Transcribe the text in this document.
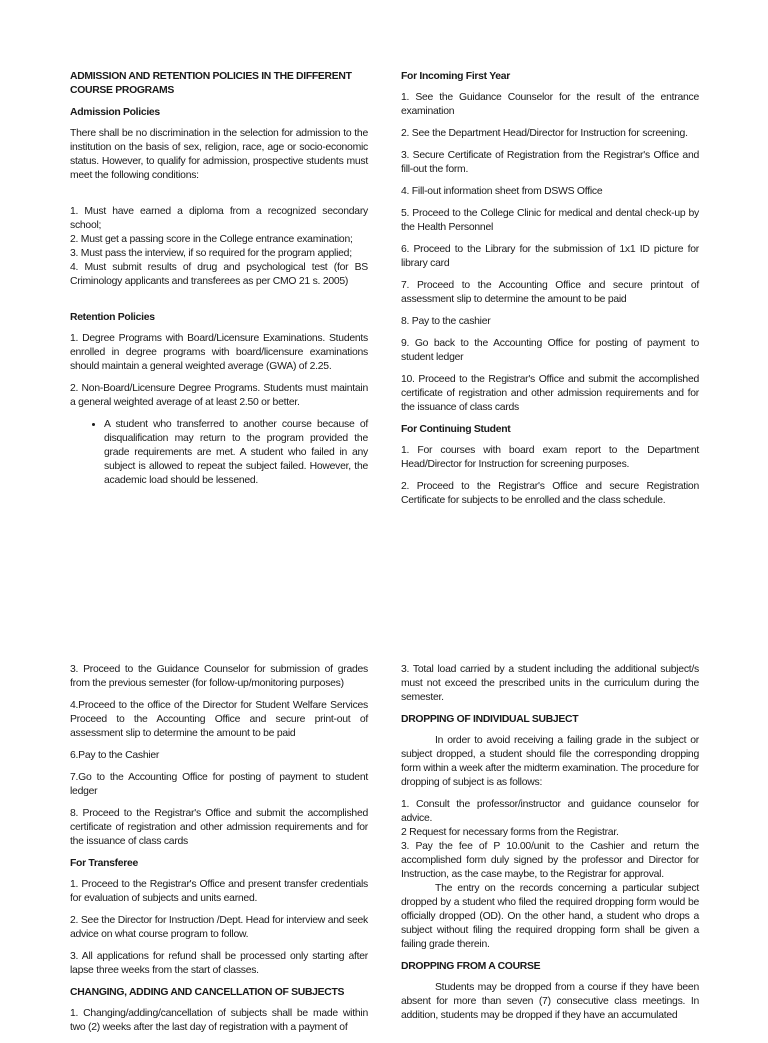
ADMISSION AND RETENTION POLICIES IN THE DIFFERENT COURSE PROGRAMS
Admission Policies

There shall be no discrimination in the selection for admission to the institution on the basis of sex, religion, race, age or socio-economic status. However, to qualify for admission, prospective students must meet the following conditions:

1. Must have earned a diploma from a recognized secondary school;

2. Must get a passing score in the College entrance examination;

3. Must pass the interview, if so required for the program applied;

4. Must submit results of drug and psychological test (for BS Criminology applicants and transferees as per CMO 21 s. 2005)

Retention Policies

1. Degree Programs with Board/Licensure Examinations. Students enrolled in degree programs with board/licensure examinations should maintain a general weighted average (GWA) of 2.25.

2. Non-Board/Licensure Degree Programs. Students must maintain a general weighted average of at least 2.50 or better.

• A student who transferred to another course because of disqualification may return to the program provided the grade requirements are met. A student who failed in any subject is allowed to repeat the subject failed. However, the academic load should be lessened.
For Incoming First Year

1. See the Guidance Counselor for the result of the entrance examination

2. See the Department Head/Director for Instruction for screening.

3. Secure Certificate of Registration from the Registrar's Office and fill-out the form.

4. Fill-out information sheet from DSWS Office

5. Proceed to the College Clinic for medical and dental check-up by the Health Personnel

6. Proceed to the Library for the submission of 1x1 ID picture for library card

7. Proceed to the Accounting Office and secure printout of assessment slip to determine the amount to be paid

8. Pay to the cashier

9. Go back to the Accounting Office for posting of payment to student ledger

10. Proceed to the Registrar's Office and submit the accomplished certificate of registration and other admission requirements and for the issuance of class cards

For Continuing Student

1. For courses with board exam report to the Department Head/Director for Instruction for screening purposes.

2. Proceed to the Registrar's Office and secure Registration Certificate for subjects to be enrolled and the class schedule.

3. Proceed to the Guidance Counselor for submission of grades from the previous semester (for follow-up/monitoring purposes)

4.Proceed to the office of the Director for Student Welfare Services Proceed to the Accounting Office and secure print-out of assessment slip to determine the amount to be paid

6.Pay to the Cashier

7.Go to the Accounting Office for posting of payment to student ledger

8. Proceed to the Registrar's Office and submit the accomplished certificate of registration and other admission requirements and for the issuance of class cards

For Transferee

1. Proceed to the Registrar's Office and present transfer credentials for evaluation of subjects and units earned.

2. See the Director for Instruction /Dept. Head for interview and seek advice on what course program to follow.

3. All applications for refund shall be processed only starting after lapse three weeks from the start of classes.

CHANGING, ADDING AND CANCELLATION OF SUBJECTS

1. Changing/adding/cancellation of subjects shall be made within two (2) weeks after the last day of registration with a payment of

3. Total load carried by a student including the additional subject/s must not exceed the prescribed units in the curriculum during the semester.

DROPPING OF INDIVIDUAL SUBJECT

In order to avoid receiving a failing grade in the subject or subject dropped, a student should file the corresponding dropping form within a week after the midterm examination. The procedure for dropping of subject is as follows:

1. Consult the professor/instructor and guidance counselor for advice.

2 Request for necessary forms from the Registrar.

3. Pay the fee of P 10.00/unit to the Cashier and return the accomplished form duly signed by the professor and Director for Instruction, as the case maybe, to the Registrar for approval.

The entry on the records concerning a particular subject dropped by a student who filed the required dropping form would be officially dropped (OD). On the other hand, a student who drops a subject without filing the required dropping form shall be given a failing grade therein.

DROPPING FROM A COURSE

Students may be dropped from a course if they have been absent for more than seven (7) consecutive class meetings. In addition, students may be dropped if they have an accumulated
